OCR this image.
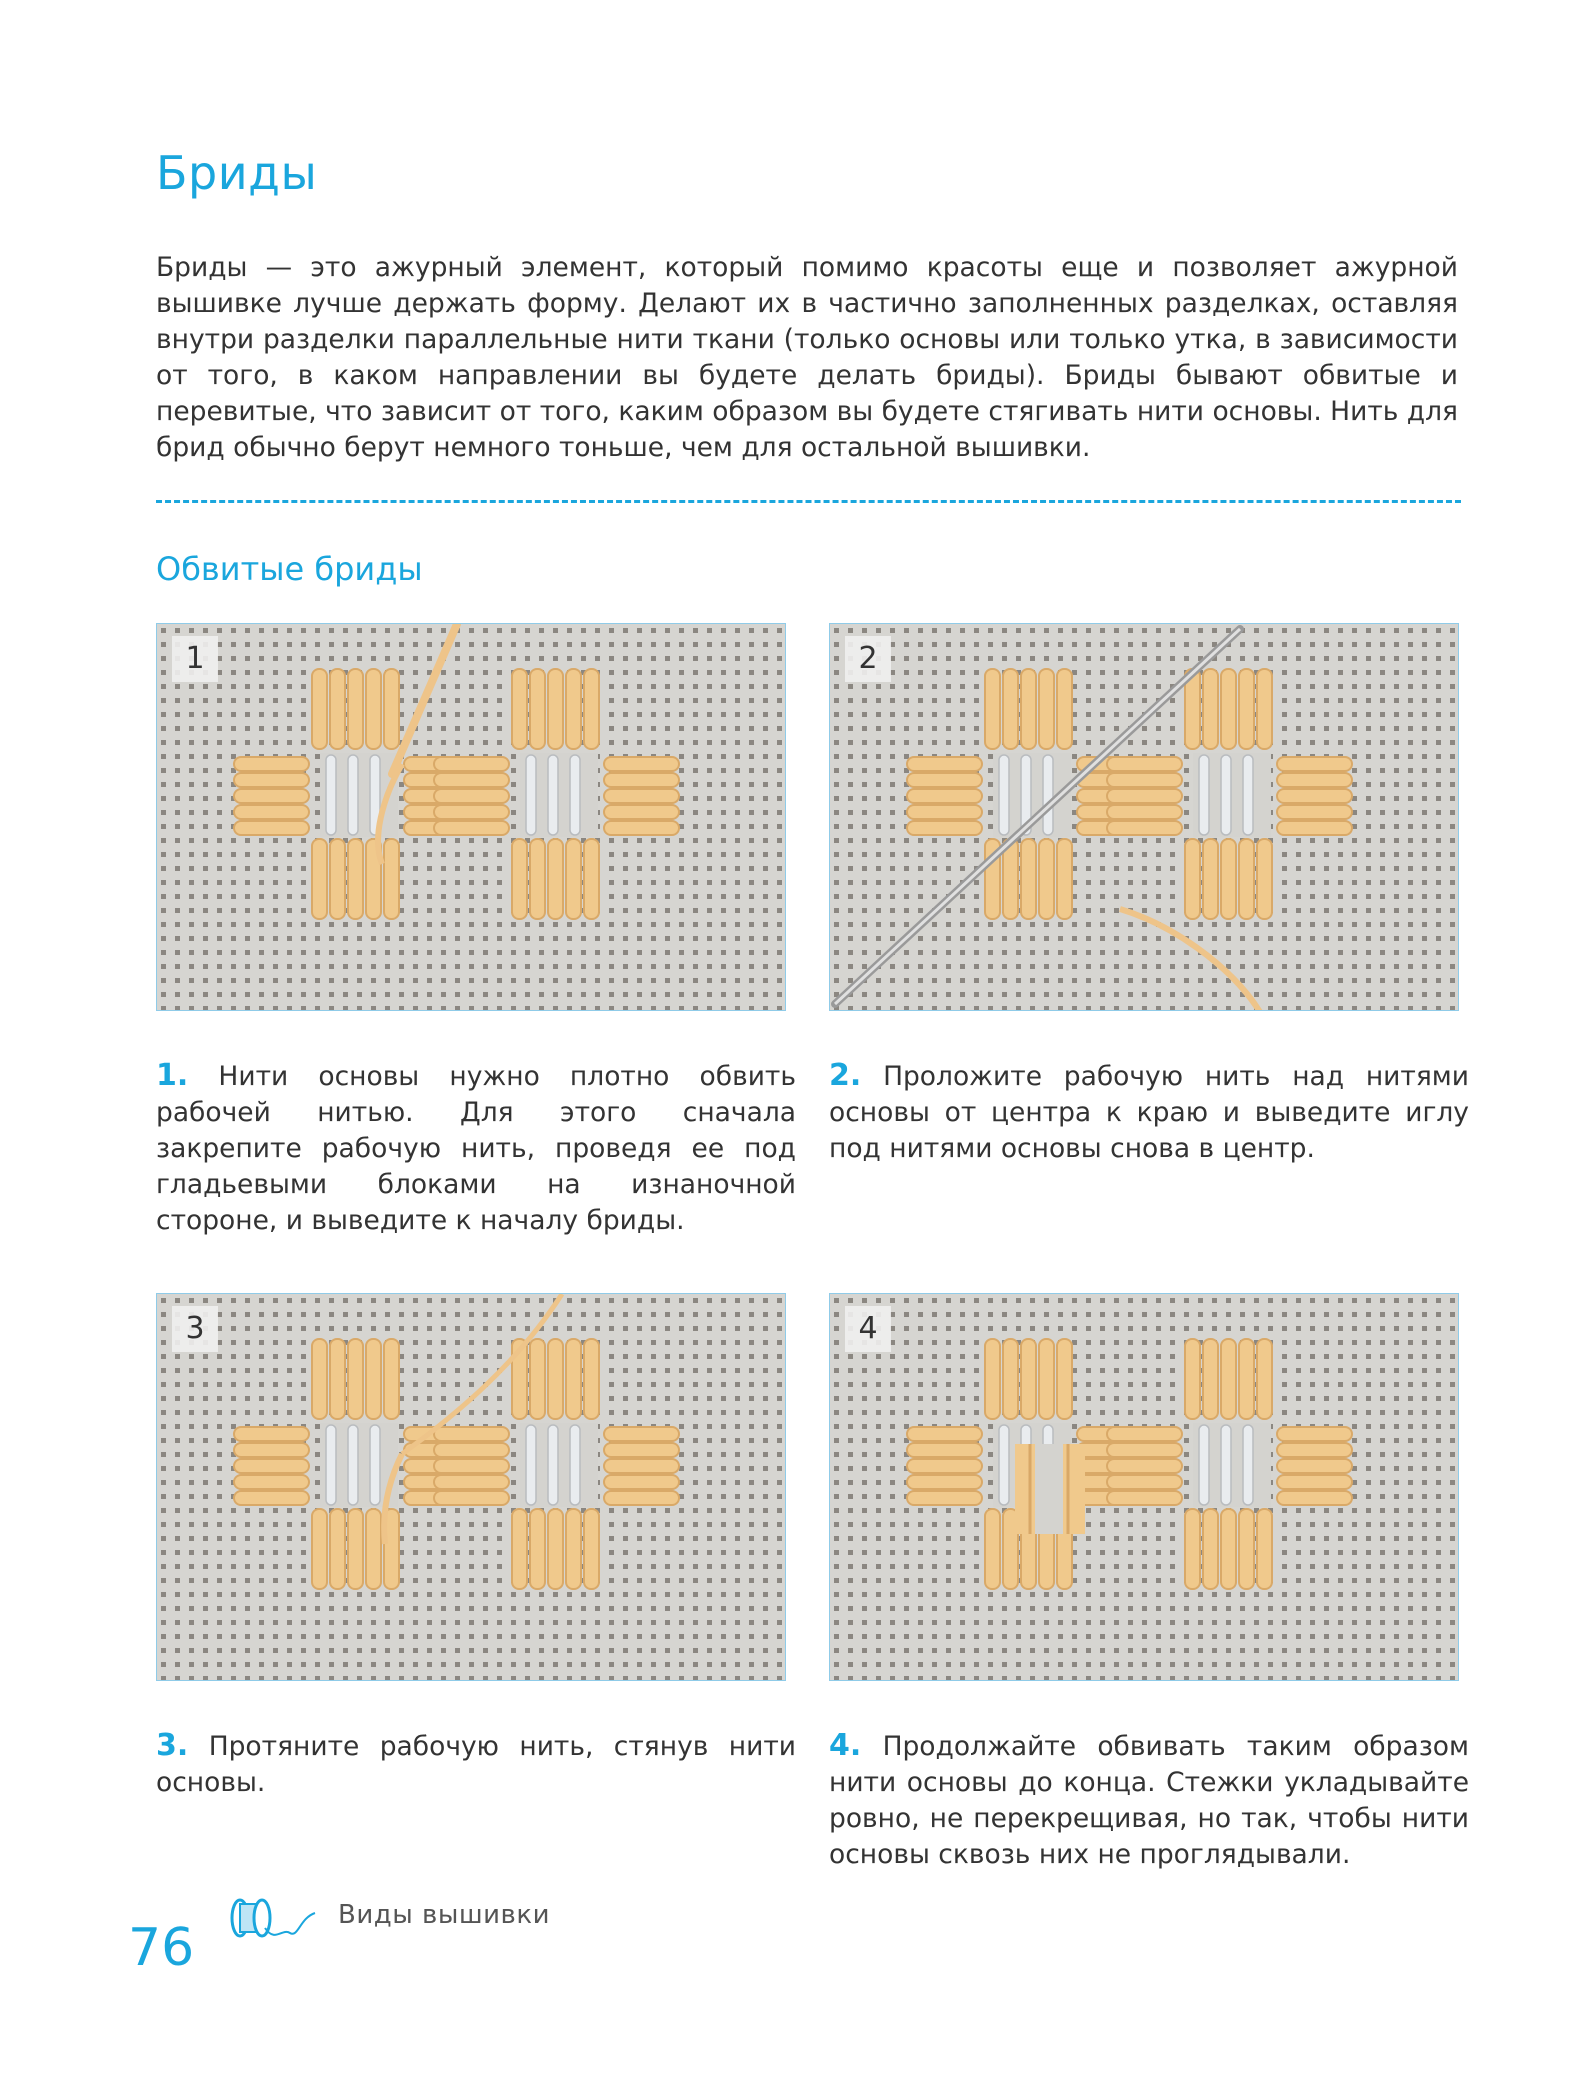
Бриды

Бриды — это ажурный элемент, который помимо красоты еще и позволяет ажурной вышивке лучше держать форму. Делают их в частично заполненных разделках, оставляя внутри разделки параллельные нити ткани (только основы или только утка, в зависимости от того, в каком направлении вы будете делать бриды). Бриды бывают обвитые и перевитые, что зависит от того, каким образом вы будете стягивать нити основы. Нить для брид обычно берут немного тоньше, чем для остальной вышивки.

Обвитые бриды
1	2
3	4

1. Нити основы нужно плотно обвить рабочей нитью. Для этого сначала закрепите рабочую нить, проведя ее под гладьевыми блоками на изнаночной стороне, и выведите к началу бриды.

2. Проложите рабочую нить над нитями основы от центра к краю и выведите иглу под нитями основы снова в центр.

3. Протяните рабочую нить, стянув нити основы.

4. Продолжайте обвивать таким образом нити основы до конца. Стежки укладывайте ровно, не перекрещивая, но так, чтобы нити основы сквозь них не проглядывали.

76
Виды вышивки
